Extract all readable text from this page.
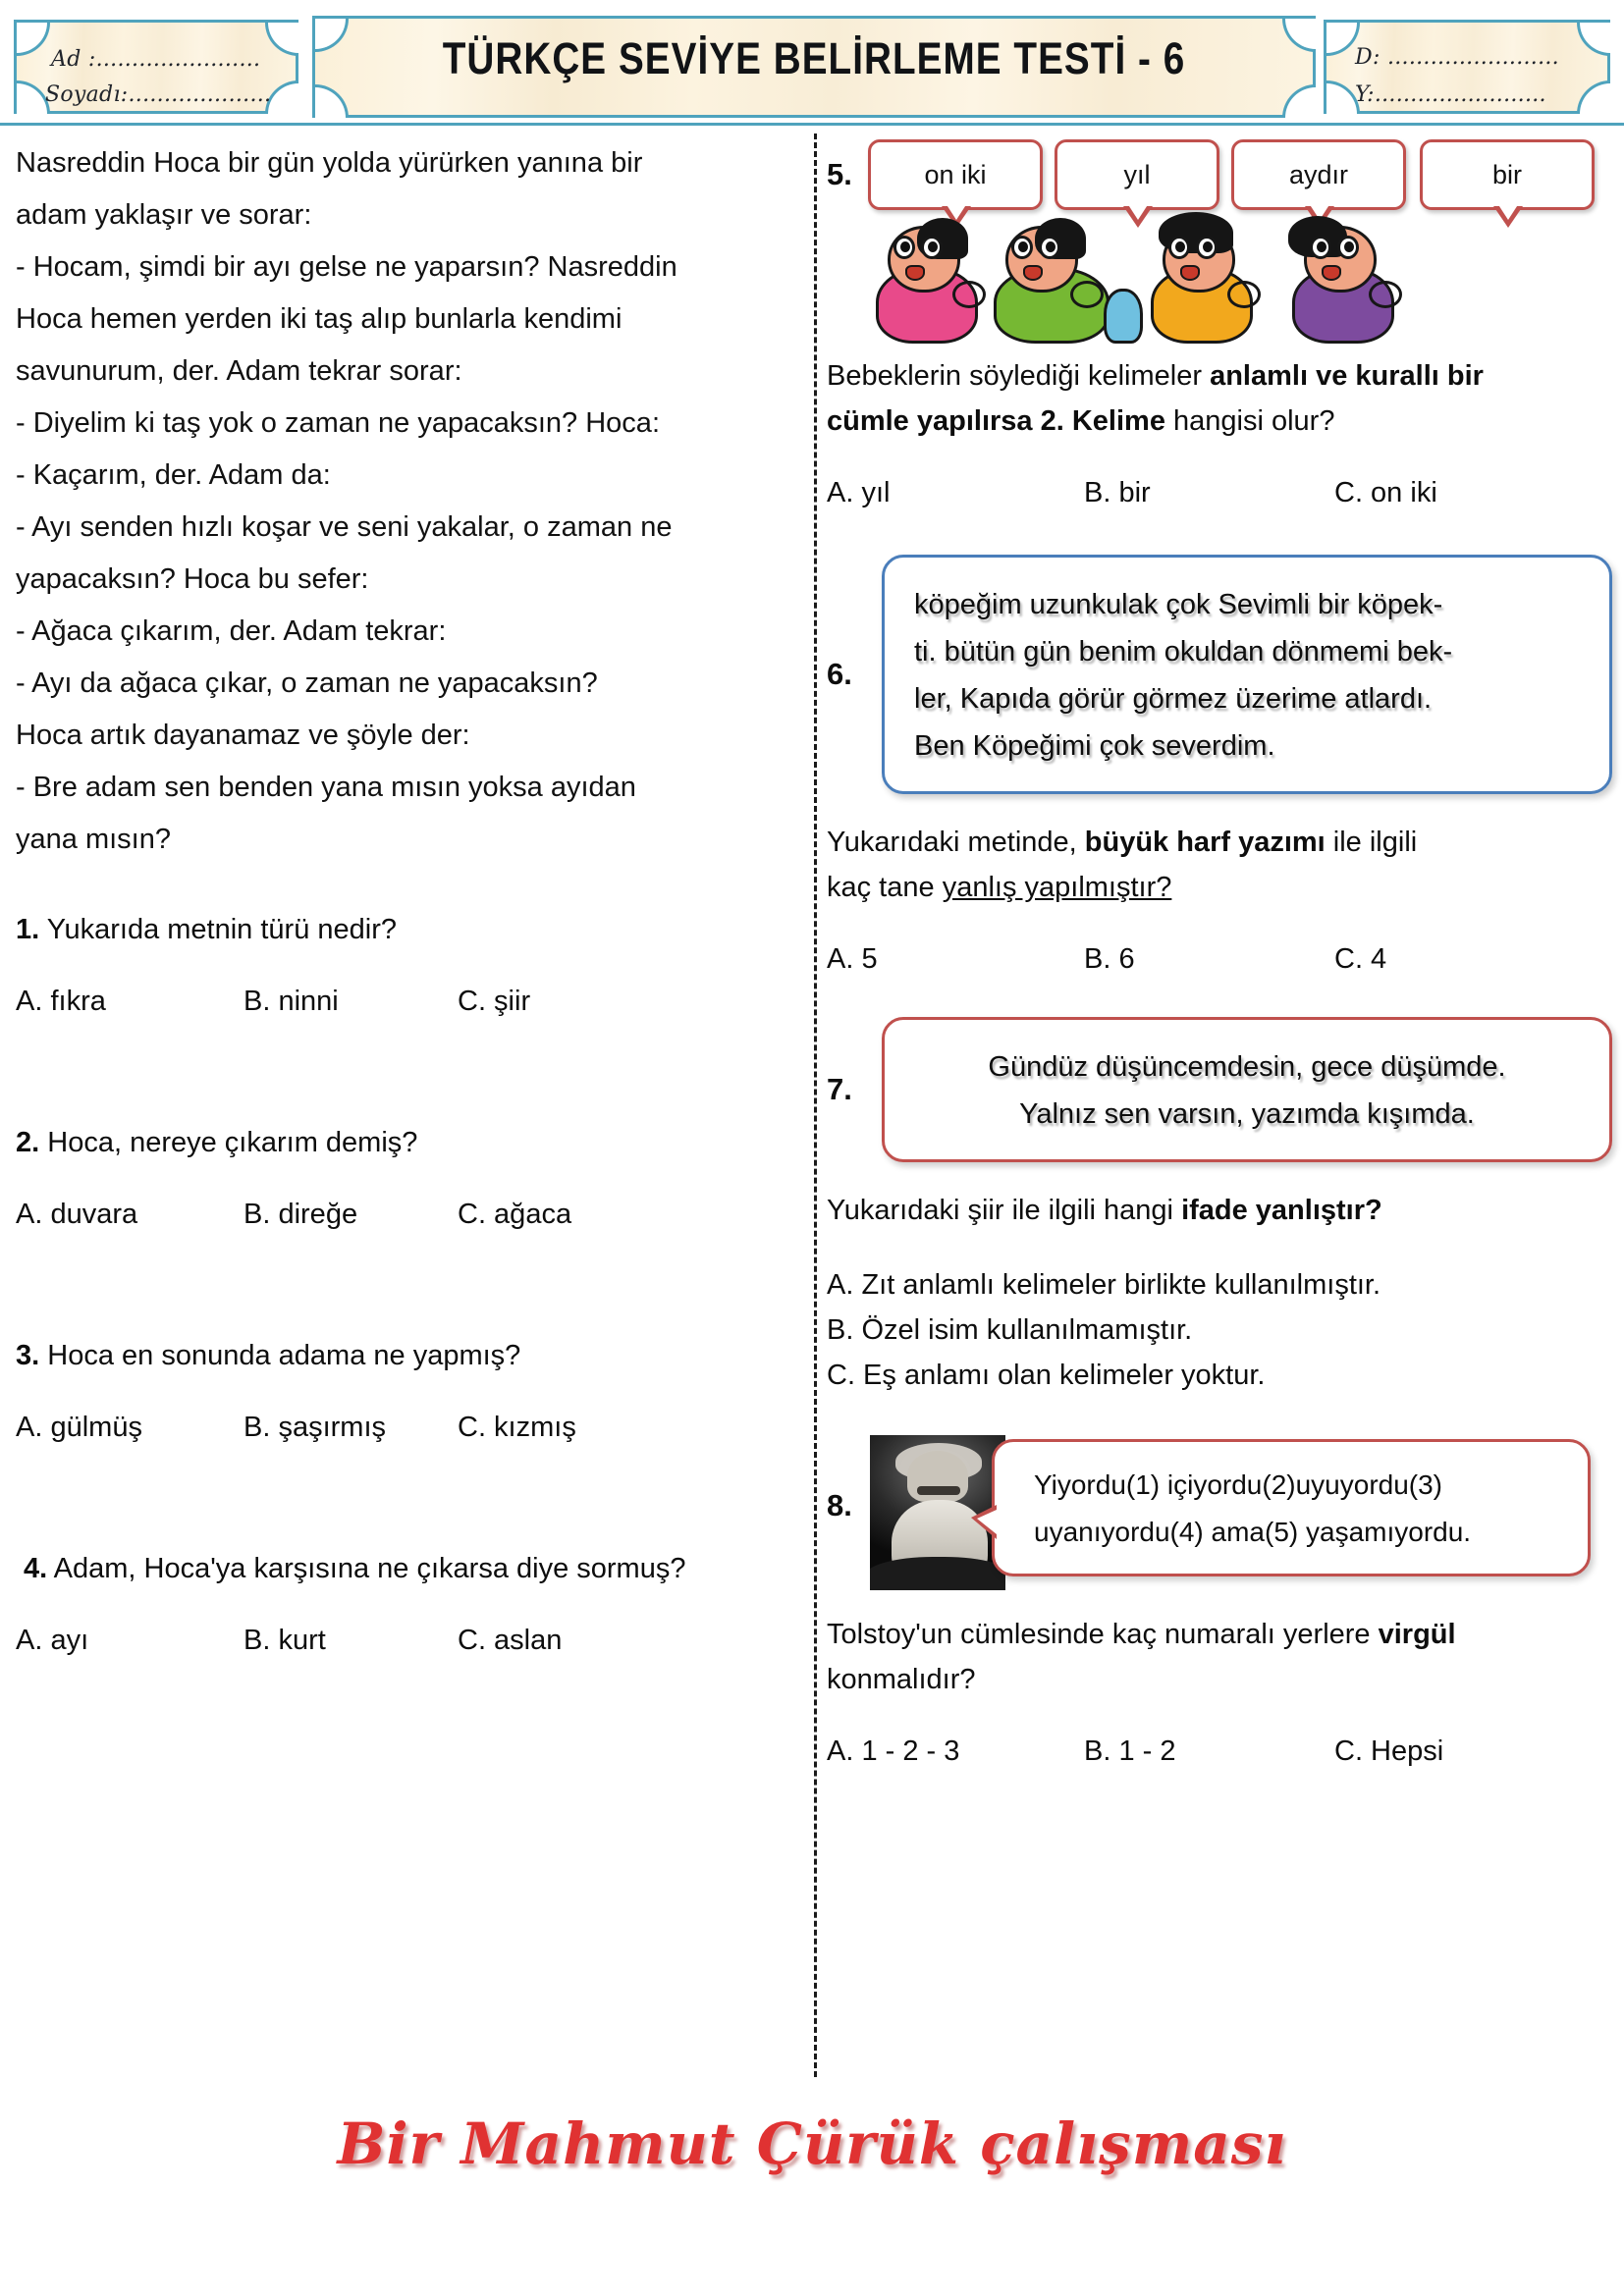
Ad :.......................
Soyadı:....................
TÜRKÇE SEVİYE BELİRLEME TESTİ - 6	D: ........................
Y:........................

Nasreddin Hoca bir gün yolda yürürken yanına bir

adam yaklaşır ve sorar:

- Hocam, şimdi bir ayı gelse ne yaparsın? Nasreddin

Hoca hemen yerden iki taş alıp bunlarla kendimi

savunurum, der. Adam tekrar sorar:

- Diyelim ki taş yok o zaman ne yapacaksın? Hoca:

- Kaçarım, der. Adam da:

- Ayı senden hızlı koşar ve seni yakalar, o zaman ne

yapacaksın? Hoca bu sefer:

- Ağaca çıkarım, der. Adam tekrar:

- Ayı da ağaca çıkar, o zaman ne yapacaksın?

Hoca artık dayanamaz ve şöyle der:

- Bre adam sen benden yana mısın yoksa ayıdan

yana mısın?

1. Yukarıda metnin türü nedir?
A. fıkra	B. ninni	C. şiir
2. Hoca, nereye çıkarım demiş?
A. duvara	B. direğe	C. ağaca
3. Hoca en sonunda adama ne yapmış?
A. gülmüş	B. şaşırmış	C. kızmış
4. Adam, Hoca'ya karşısına ne çıkarsa diye sormuş?
A. ayı	B. kurt	C. aslan
5.	on iki	yıl	aydır	bir
Bebeklerin söylediği kelimeler anlamlı ve kurallı bir
cümle yapılırsa 2. Kelime hangisi olur?
A. yıl	B. bir	C. on iki
6.

köpeğim uzunkulak çok Sevimli bir köpek-

ti. bütün gün benim okuldan dönmemi bek-

ler, Kapıda görür görmez üzerime atlardı.

Ben Köpeğimi çok severdim.

Yukarıdaki metinde, büyük harf yazımı ile ilgili
kaç tane yanlış yapılmıştır?
A. 5	B. 6	C. 4
7.

Gündüz düşüncemdesin, gece düşümde.

Yalnız sen varsın, yazımda kışımda.

Yukarıdaki şiir ile ilgili hangi ifade yanlıştır?
A. Zıt anlamlı kelimeler birlikte kullanılmıştır.
B. Özel isim kullanılmamıştır.
C. Eş anlamı olan kelimeler yoktur.
8.

Yiyordu(1) içiyordu(2)uyuyordu(3)

uyanıyordu(4) ama(5) yaşamıyordu.

Tolstoy'un cümlesinde kaç numaralı yerlere virgül
konmalıdır?
A. 1 - 2 - 3	B. 1 - 2	C. Hepsi
Bir Mahmut Çürük çalışması
